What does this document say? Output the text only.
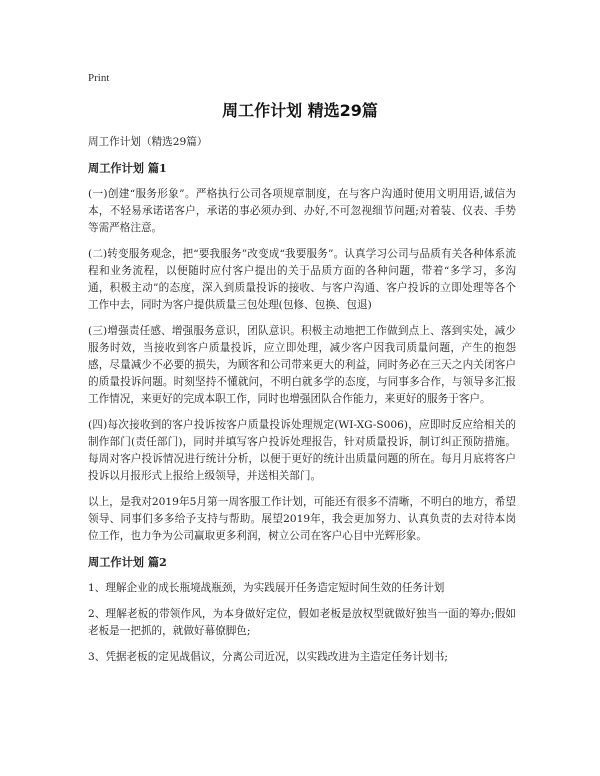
Print
周工作计划 精选29篇

周工作计划（精选29篇）

周工作计划 篇1

(一)创建“服务形象”。严格执行公司各项规章制度，在与客户沟通时使用文明用语,诚信为本，不轻易承诺诺客户，承诺的事必须办到、办好,不可忽视细节问题;对着装、仪表、手势等需严格注意。

(二)转变服务观念，把“要我服务”改变成“我要服务”。认真学习公司与品质有关各种体系流程和业务流程，以便随时应付客户提出的关于品质方面的各种问题，带着“多学习，多沟通，积极主动”的态度，深入到质量投诉的接收、与客户沟通、客户投诉的立即处理等各个工作中去，同时为客户提供质量三包处理(包修、包换、包退)

(三)增强责任感、增强服务意识，团队意识。积极主动地把工作做到点上、落到实处，减少服务时效，当接收到客户质量投诉，应立即处理，减少客户因我司质量问题，产生的抱怨感，尽量减少不必要的损失，为顾客和公司带来更大的利益，同时务必在三天之内关闭客户的质量投诉问题。时刻坚持不懂就问，不明白就多学的态度，与同事多合作，与领导多汇报工作情况，来更好的完成本职工作，同时也增强团队合作能力，来更好的服务于客户。

(四)每次接收到的客户投诉按客户质量投诉处理规定(WI-XG-S006)，应即时反应给相关的制作部门(责任部门)，同时并填写客户投诉处理报告，针对质量投诉，制订纠正预防措施。每周对客户投诉情况进行统计分析，以便于更好的统计出质量问题的所在。每月月底将客户投诉以月报形式上报给上级领导，并送相关部门。

以上，是我对2019年5月第一周客服工作计划，可能还有很多不清晰，不明白的地方，希望领导、同事们多多给予支持与帮助。展望2019年，我会更加努力、认真负责的去对待本岗位工作，也力争为公司赢取更多利润，树立公司在客户心目中光辉形象。

周工作计划 篇2

1、理解企业的成长瓶境战瓶颈，为实践展开任务造定短时间生效的任务计划

2、理解老板的带领作风，为本身做好定位，假如老板是放权型就做好独当一面的筹办;假如老板是一把抓的，就做好幕僚脚色;

3、凭据老板的定见战倡议，分离公司近况，以实践改进为主造定任务计划书;
